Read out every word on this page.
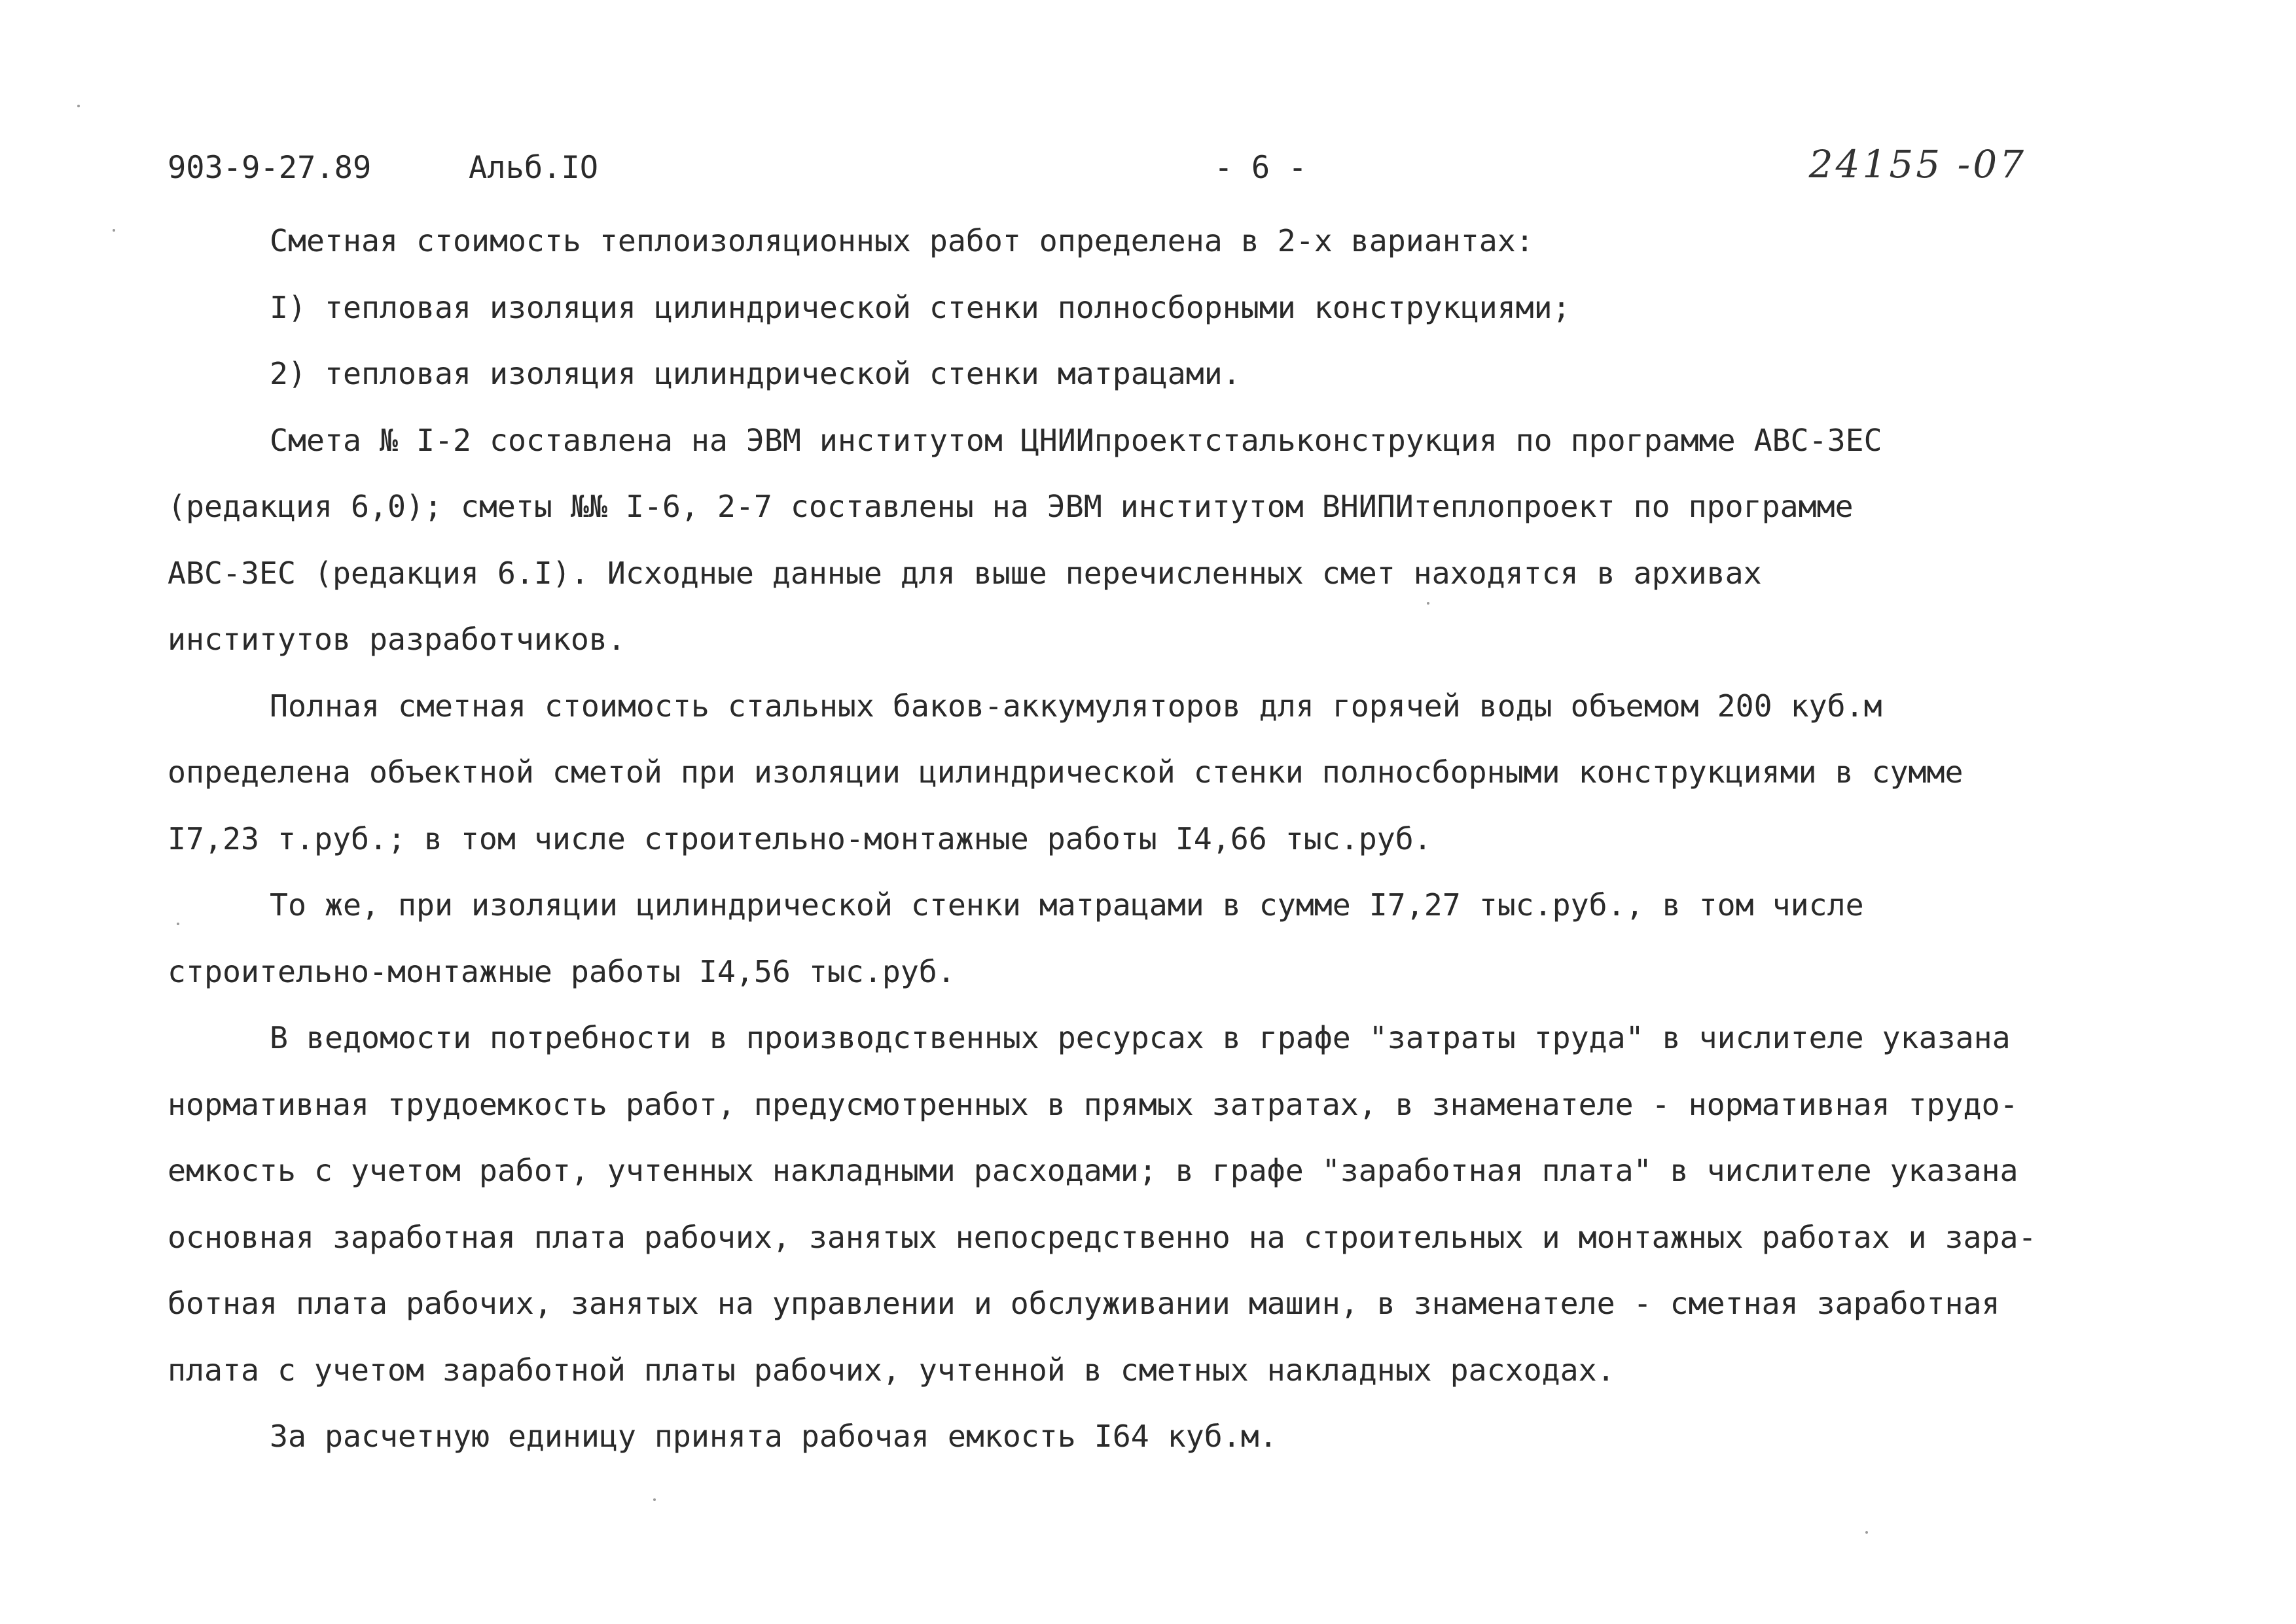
903-9-27.89	Альб.IO	- 6 -	24155 -07
Сметная стоимость теплоизоляционных работ определена в 2-х вариантах:
I) тепловая изоляция цилиндрической стенки полносборными конструкциями;
2) тепловая изоляция цилиндрической стенки матрацами.
Смета № I-2 составлена на ЭВМ институтом ЦНИИпроектстальконструкция по программе АВС-3ЕС
(редакция 6,0); сметы №№ I-6, 2-7 составлены на ЭВМ институтом ВНИПИтеплопроект по программе
АВС-3ЕС (редакция 6.I). Исходные данные для выше перечисленных смет находятся в архивах
институтов разработчиков.
Полная сметная стоимость стальных баков-аккумуляторов для горячей воды объемом 200 куб.м
определена объектной сметой при изоляции цилиндрической стенки полносборными конструкциями в сумме
I7,23 т.руб.; в том числе строительно-монтажные работы I4,66 тыс.руб.
То же, при изоляции цилиндрической стенки матрацами в сумме I7,27 тыс.руб., в том числе
строительно-монтажные работы I4,56 тыс.руб.
В ведомости потребности в производственных ресурсах в графе "затраты труда" в числителе указана
нормативная трудоемкость работ, предусмотренных в прямых затратах, в знаменателе - нормативная трудо-
емкость с учетом работ, учтенных накладными расходами; в графе "заработная плата" в числителе указана
основная заработная плата рабочих, занятых непосредственно на строительных и монтажных работах и зара-
ботная плата рабочих, занятых на управлении и обслуживании машин, в знаменателе - сметная заработная
плата с учетом заработной платы рабочих, учтенной в сметных накладных расходах.
За расчетную единицу принята рабочая емкость I64 куб.м.
